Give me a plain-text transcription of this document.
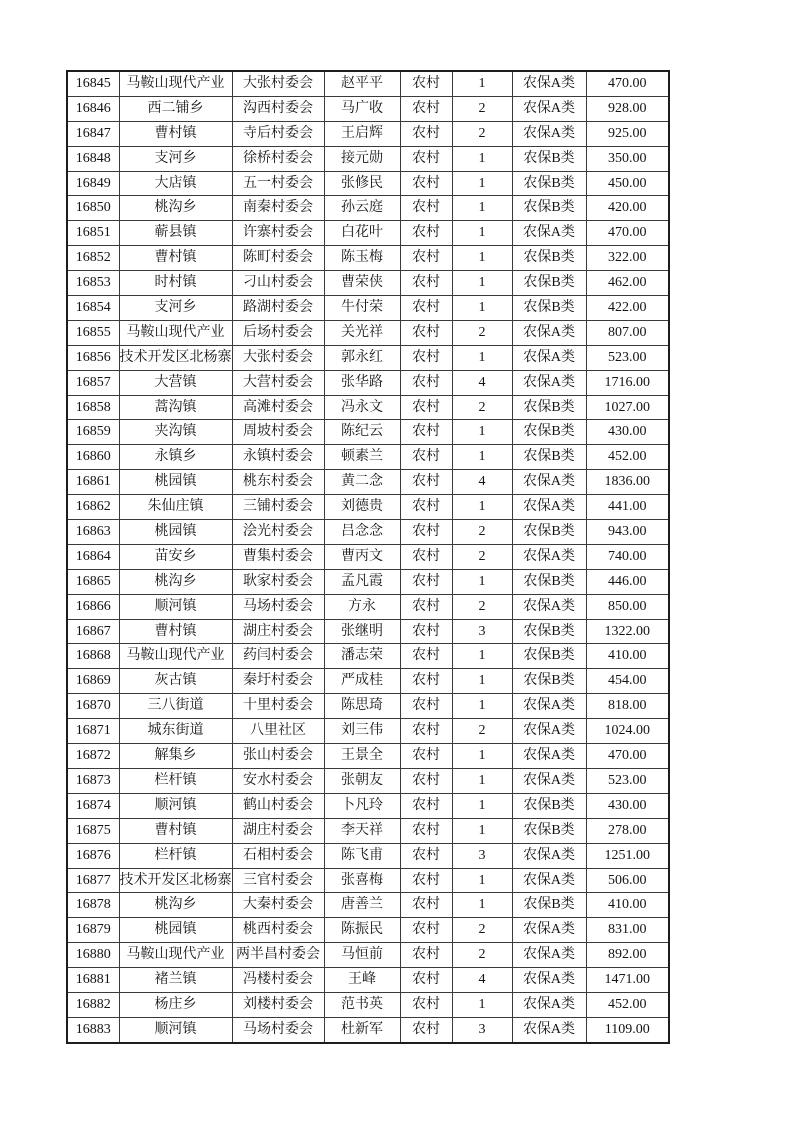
16845	马鞍山现代产业	大张村委会	赵平平	农村	1	农保A类	470.00

16846	西二铺乡	沟西村委会	马广收	农村	2	农保A类	928.00

16847	曹村镇	寺后村委会	王启辉	农村	2	农保A类	925.00

16848	支河乡	徐桥村委会	接元勋	农村	1	农保B类	350.00

16849	大店镇	五一村委会	张修民	农村	1	农保B类	450.00

16850	桃沟乡	南秦村委会	孙云庭	农村	1	农保B类	420.00

16851	蕲县镇	许寨村委会	白花叶	农村	1	农保A类	470.00

16852	曹村镇	陈町村委会	陈玉梅	农村	1	农保B类	322.00

16853	时村镇	刁山村委会	曹荣侠	农村	1	农保B类	462.00

16854	支河乡	路湖村委会	牛付荣	农村	1	农保B类	422.00

16855	马鞍山现代产业	后场村委会	关光祥	农村	2	农保A类	807.00

16856	技术开发区北杨寨	大张村委会	郭永红	农村	1	农保A类	523.00

16857	大营镇	大营村委会	张华路	农村	4	农保A类	1716.00

16858	蒿沟镇	高滩村委会	冯永文	农村	2	农保B类	1027.00

16859	夹沟镇	周坡村委会	陈纪云	农村	1	农保B类	430.00

16860	永镇乡	永镇村委会	顿素兰	农村	1	农保B类	452.00

16861	桃园镇	桃东村委会	黄二念	农村	4	农保A类	1836.00

16862	朱仙庄镇	三铺村委会	刘德贵	农村	1	农保A类	441.00

16863	桃园镇	浍光村委会	吕念念	农村	2	农保B类	943.00

16864	苗安乡	曹集村委会	曹丙文	农村	2	农保A类	740.00

16865	桃沟乡	耿家村委会	孟凡霞	农村	1	农保B类	446.00

16866	顺河镇	马场村委会	方永	农村	2	农保A类	850.00

16867	曹村镇	湖庄村委会	张继明	农村	3	农保B类	1322.00

16868	马鞍山现代产业	药闫村委会	潘志荣	农村	1	农保B类	410.00

16869	灰古镇	秦圩村委会	严成桂	农村	1	农保B类	454.00

16870	三八街道	十里村委会	陈思琦	农村	1	农保A类	818.00

16871	城东街道	八里社区	刘三伟	农村	2	农保A类	1024.00

16872	解集乡	张山村委会	王景全	农村	1	农保A类	470.00

16873	栏杆镇	安水村委会	张朝友	农村	1	农保A类	523.00

16874	顺河镇	鹤山村委会	卜凡玲	农村	1	农保B类	430.00

16875	曹村镇	湖庄村委会	李天祥	农村	1	农保B类	278.00

16876	栏杆镇	石相村委会	陈飞甫	农村	3	农保A类	1251.00

16877	技术开发区北杨寨	三官村委会	张喜梅	农村	1	农保A类	506.00

16878	桃沟乡	大秦村委会	唐善兰	农村	1	农保B类	410.00

16879	桃园镇	桃西村委会	陈振民	农村	2	农保A类	831.00

16880	马鞍山现代产业	两半昌村委会	马恒前	农村	2	农保A类	892.00

16881	褚兰镇	冯楼村委会	王峰	农村	4	农保A类	1471.00

16882	杨庄乡	刘楼村委会	范书英	农村	1	农保A类	452.00

16883	顺河镇	马场村委会	杜新军	农村	3	农保A类	1109.00
